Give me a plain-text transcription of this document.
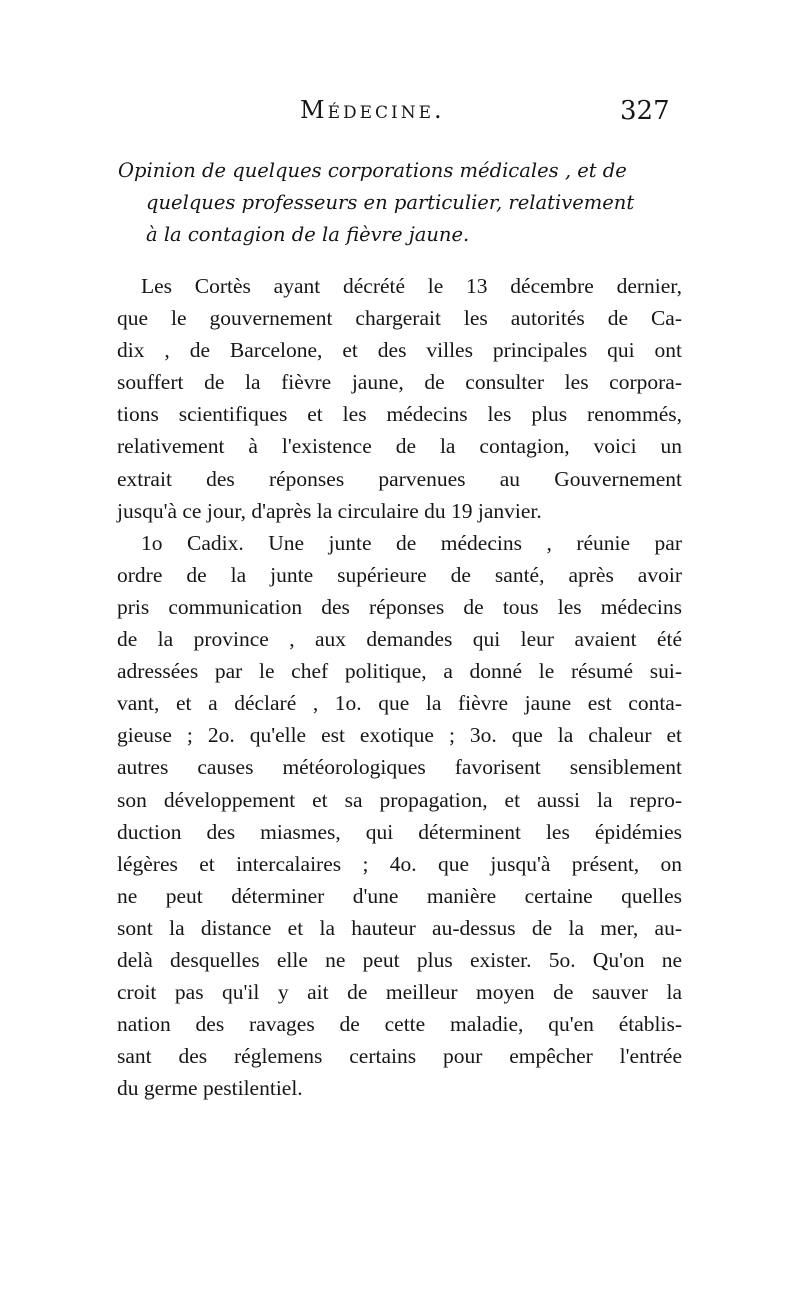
Médecine.	327
Opinion de quelques corporations médicales , et de
quelques professeurs en particulier, relativement
à la contagion de la fièvre jaune.
Les Cortès ayant décrété le 13 décembre dernier,
que le gouvernement chargerait les autorités de Ca-
dix , de Barcelone, et des villes principales qui ont
souffert de la fièvre jaune, de consulter les corpora-
tions scientifiques et les médecins les plus renommés,
relativement à l'existence de la contagion, voici un
extrait des réponses parvenues au Gouvernement
jusqu'à ce jour, d'après la circulaire du 19 janvier.
1o Cadix. Une junte de médecins , réunie par
ordre de la junte supérieure de santé, après avoir
pris communication des réponses de tous les médecins
de la province , aux demandes qui leur avaient été
adressées par le chef politique, a donné le résumé sui-
vant, et a déclaré , 1o. que la fièvre jaune est conta-
gieuse ; 2o. qu'elle est exotique ; 3o. que la chaleur et
autres causes météorologiques favorisent sensiblement
son développement et sa propagation, et aussi la repro-
duction des miasmes, qui déterminent les épidémies
légères et intercalaires ; 4o. que jusqu'à présent, on
ne peut déterminer d'une manière certaine quelles
sont la distance et la hauteur au-dessus de la mer, au-
delà desquelles elle ne peut plus exister. 5o. Qu'on ne
croit pas qu'il y ait de meilleur moyen de sauver la
nation des ravages de cette maladie, qu'en établis-
sant des réglemens certains pour empêcher l'entrée
du germe pestilentiel.
